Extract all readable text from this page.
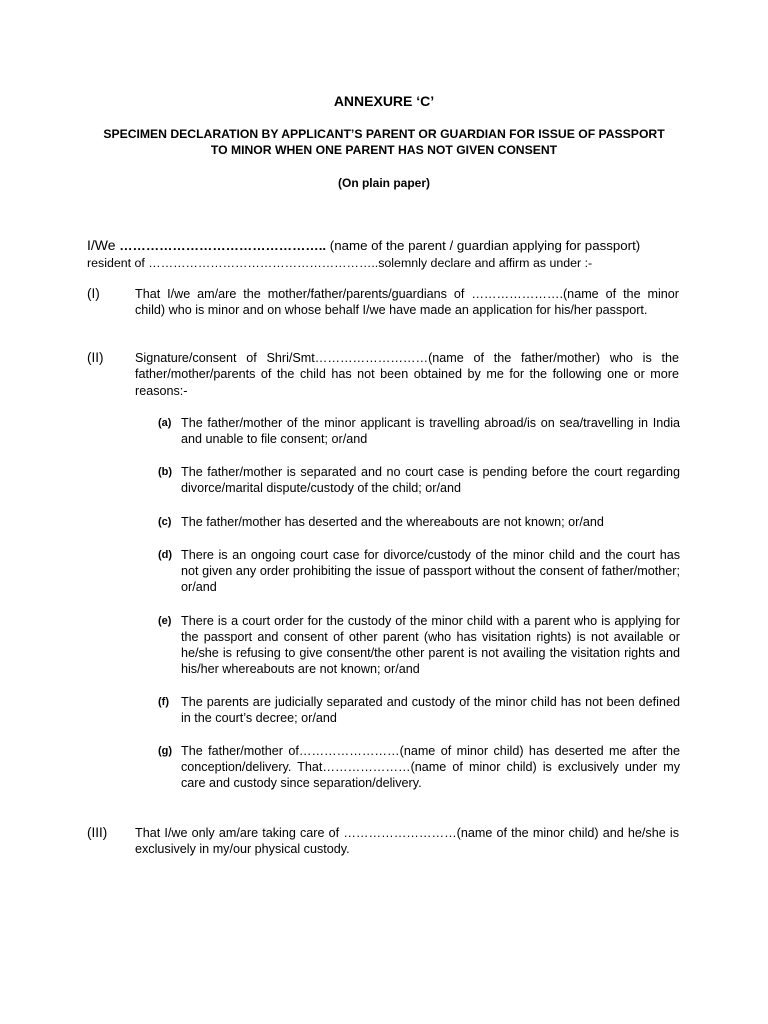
ANNEXURE ‘C’
SPECIMEN DECLARATION BY APPLICANT’S PARENT OR GUARDIAN FOR ISSUE OF PASSPORT
TO MINOR WHEN ONE PARENT HAS NOT GIVEN CONSENT
(On plain paper)

I/We ……………………………………….. (name of the parent / guardian applying for passport)

resident of ………………………………………………..solemnly declare and affirm as under :-

(I)	That I/we am/are the mother/father/parents/guardians of ………………….(name of the minor child) who is minor and on whose behalf I/we have made an application for his/her passport.

(II)	Signature/consent of Shri/Smt………………………(name of the father/mother) who is the father/mother/parents of the child has not been obtained by me for the following one or more reasons:-

(a) The father/mother of the minor applicant is travelling abroad/is on sea/travelling in India and unable to file consent; or/and

(b) The father/mother is separated and no court case is pending before the court regarding divorce/marital dispute/custody of the child; or/and

(c) The father/mother has deserted and the whereabouts are not known; or/and

(d) There is an ongoing court case for divorce/custody of the minor child and the court has not given any order prohibiting the issue of passport without the consent of father/mother; or/and

(e) There is a court order for the custody of the minor child with a parent who is applying for the passport and consent of other parent (who has visitation rights) is not available or he/she is refusing to give consent/the other parent is not availing the visitation rights and his/her whereabouts are not known; or/and

(f) The parents are judicially separated and custody of the minor child has not been defined in the court’s decree; or/and

(g) The father/mother of……………………(name of minor child) has deserted me after the conception/delivery. That…………………(name of minor child) is exclusively under my care and custody since separation/delivery.

(III) That I/we only am/are taking care of ………………………(name of the minor child) and he/she is exclusively in my/our physical custody.
